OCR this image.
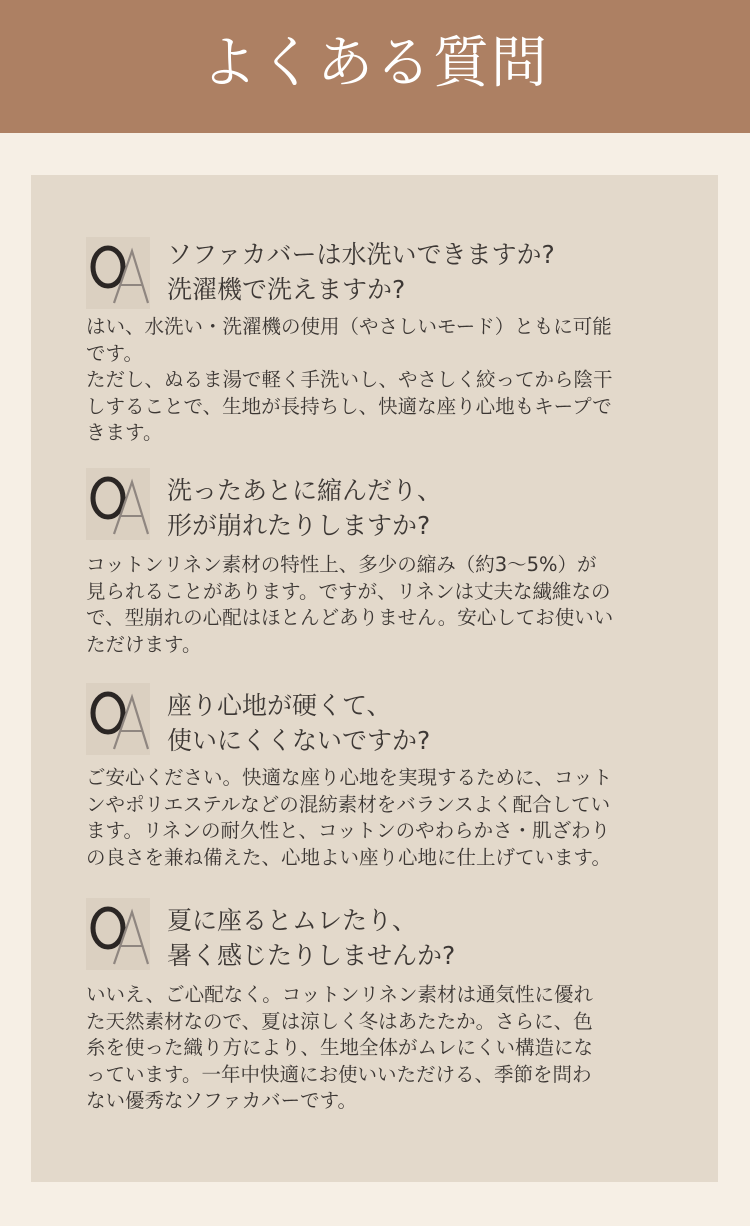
よくある質問
ソファカバーは水洗いできますか?
洗濯機で洗えますか?
はい、水洗い・洗濯機の使用（やさしいモード）ともに可能
です。
ただし、ぬるま湯で軽く手洗いし、やさしく絞ってから陰干
しすることで、生地が長持ちし、快適な座り心地もキープで
きます。
洗ったあとに縮んだり、
形が崩れたりしますか?
コットンリネン素材の特性上、多少の縮み（約3〜5%）が
見られることがあります。ですが、リネンは丈夫な繊維なの
で、型崩れの心配はほとんどありません。安心してお使いい
ただけます。
座り心地が硬くて、
使いにくくないですか?
ご安心ください。快適な座り心地を実現するために、コット
ンやポリエステルなどの混紡素材をバランスよく配合してい
ます。リネンの耐久性と、コットンのやわらかさ・肌ざわり
の良さを兼ね備えた、心地よい座り心地に仕上げています。
夏に座るとムレたり、
暑く感じたりしませんか?
いいえ、ご心配なく。コットンリネン素材は通気性に優れ
た天然素材なので、夏は涼しく冬はあたたか。さらに、色
糸を使った織り方により、生地全体がムレにくい構造にな
っています。一年中快適にお使いいただける、季節を問わ
ない優秀なソファカバーです。
